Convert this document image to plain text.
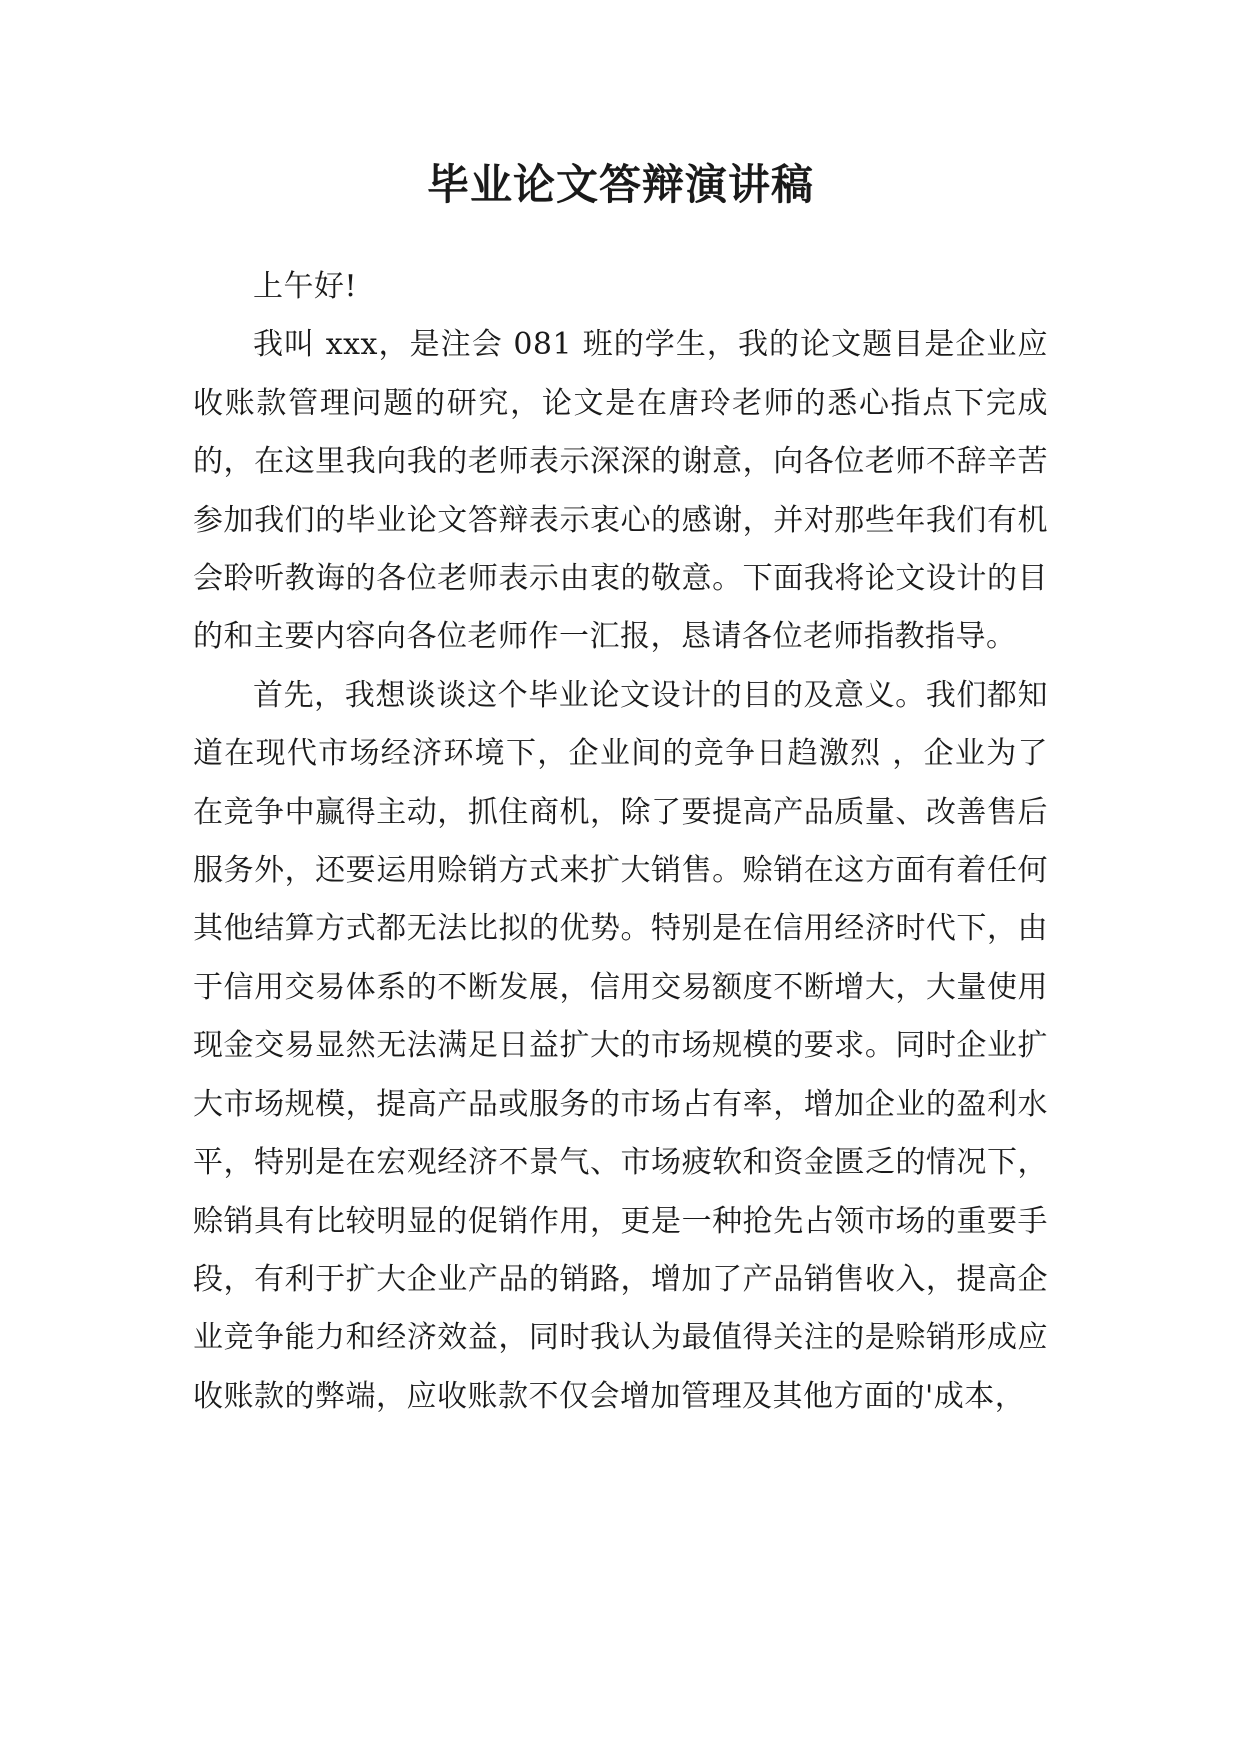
毕业论文答辩演讲稿

上午好!

我叫 xxx，是注会 081 班的学生，我的论文题目是企业应收账款管理问题的研究，论文是在唐玲老师的悉心指点下完成的，在这里我向我的老师表示深深的谢意，向各位老师不辞辛苦参加我们的毕业论文答辩表示衷心的感谢，并对那些年我们有机会聆听教诲的各位老师表示由衷的敬意。下面我将论文设计的目的和主要内容向各位老师作一汇报，恳请各位老师指教指导。

首先，我想谈谈这个毕业论文设计的目的及意义。我们都知道在现代市场经济环境下，企业间的竞争日趋激烈 ，企业为了在竞争中赢得主动，抓住商机，除了要提高产品质量、改善售后服务外，还要运用赊销方式来扩大销售。赊销在这方面有着任何其他结算方式都无法比拟的优势。特别是在信用经济时代下，由于信用交易体系的不断发展，信用交易额度不断增大，大量使用现金交易显然无法满足日益扩大的市场规模的要求。同时企业扩大市场规模，提高产品或服务的市场占有率，增加企业的盈利水平，特别是在宏观经济不景气、市场疲软和资金匮乏的情况下，赊销具有比较明显的促销作用，更是一种抢先占领市场的重要手段，有利于扩大企业产品的销路，增加了产品销售收入，提高企业竞争能力和经济效益，同时我认为最值得关注的是赊销形成应收账款的弊端，应收账款不仅会增加管理及其他方面的'成本，
